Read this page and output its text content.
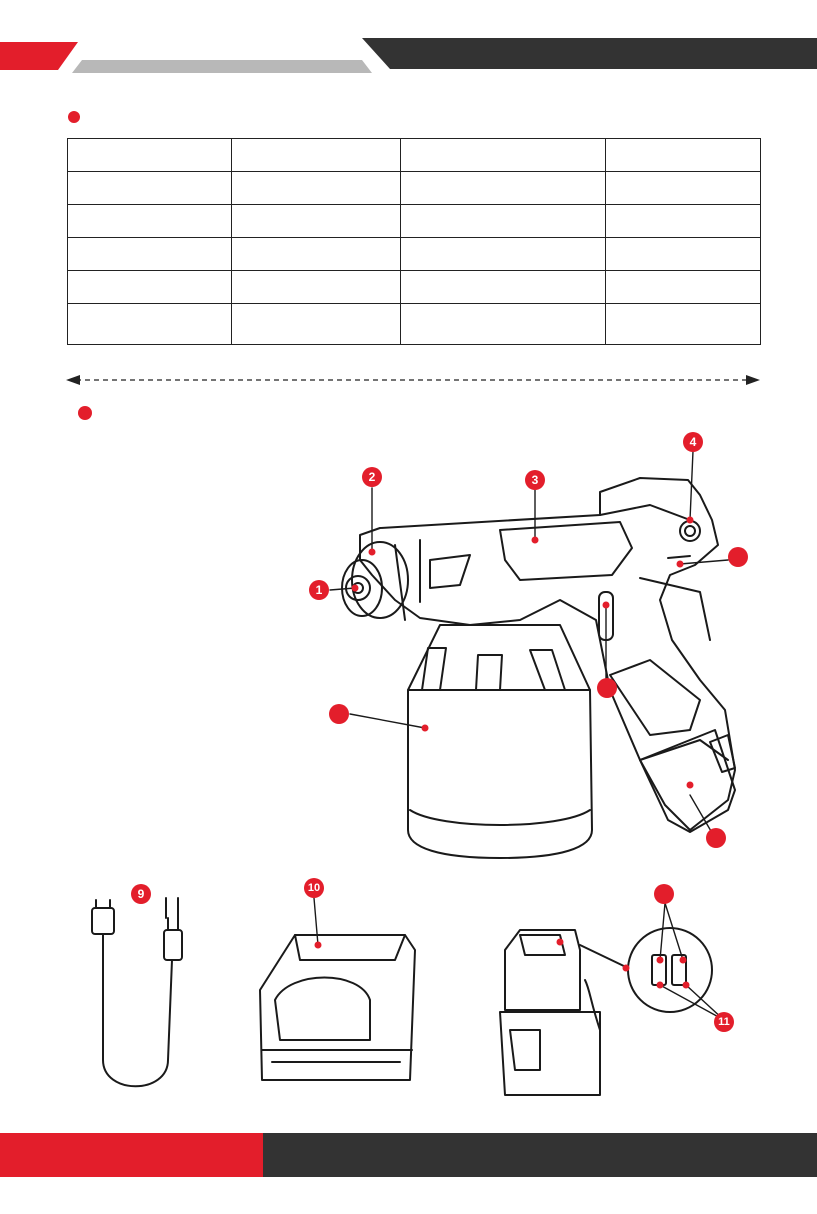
1
2	3
4
9	10
11
